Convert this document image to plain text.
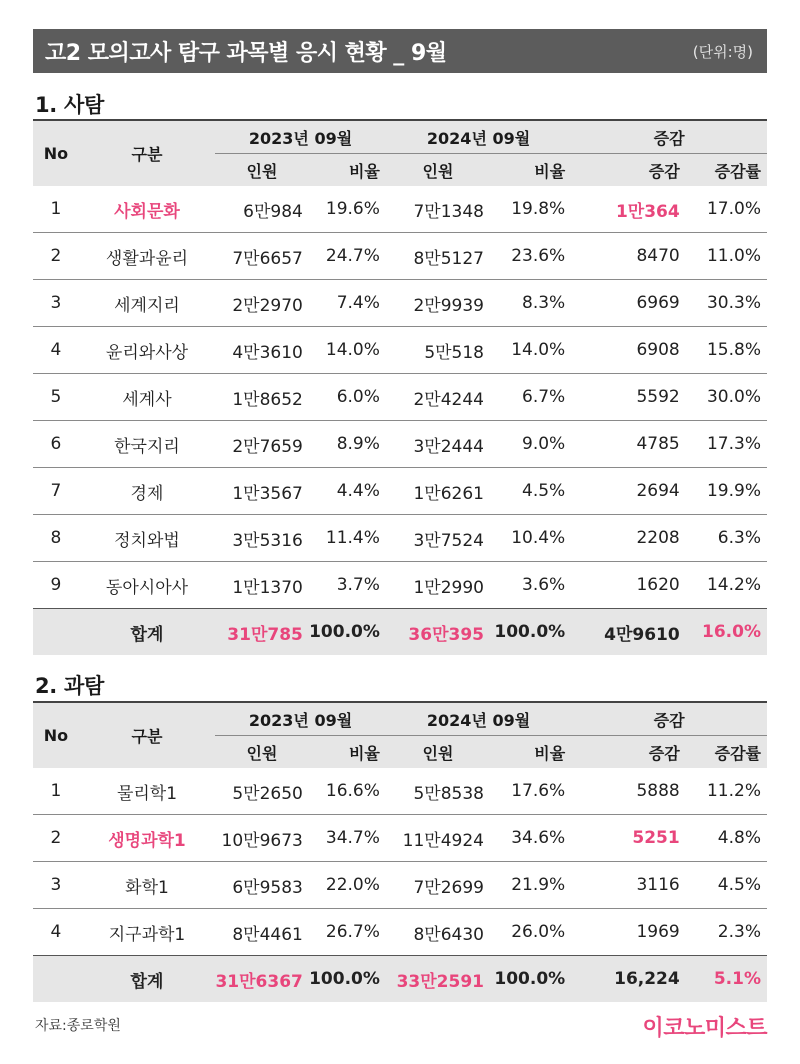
고2 모의고사 탐구 과목별 응시 현황 _ 9월	(단위:명)
1. 사탐
No	구분	2023년 09월		2024년 09월		증감	
		인원	비율	인원	비율	증감	증감률
1	사회문화	6만984	19.6%	7만1348	19.8%	1만364	17.0%
2	생활과윤리	7만6657	24.7%	8만5127	23.6%	8470	11.0%
3	세계지리	2만2970	7.4%	2만9939	8.3%	6969	30.3%
4	윤리와사상	4만3610	14.0%	5만518	14.0%	6908	15.8%
5	세계사	1만8652	6.0%	2만4244	6.7%	5592	30.0%
6	한국지리	2만7659	8.9%	3만2444	9.0%	4785	17.3%
7	경제	1만3567	4.4%	1만6261	4.5%	2694	19.9%
8	정치와법	3만5316	11.4%	3만7524	10.4%	2208	6.3%
9	동아시아사	1만1370	3.7%	1만2990	3.6%	1620	14.2%
	합계	31만785	100.0%	36만395	100.0%	4만9610	16.0%
2. 과탐
No	구분	2023년 09월		2024년 09월		증감	
		인원	비율	인원	비율	증감	증감률
1	물리학1	5만2650	16.6%	5만8538	17.6%	5888	11.2%
2	생명과학1	10만9673	34.7%	11만4924	34.6%	5251	4.8%
3	화학1	6만9583	22.0%	7만2699	21.9%	3116	4.5%
4	지구과학1	8만4461	26.7%	8만6430	26.0%	1969	2.3%
	합계	31만6367	100.0%	33만2591	100.0%	16,224	5.1%
자료:종로학원	이코노미스트
